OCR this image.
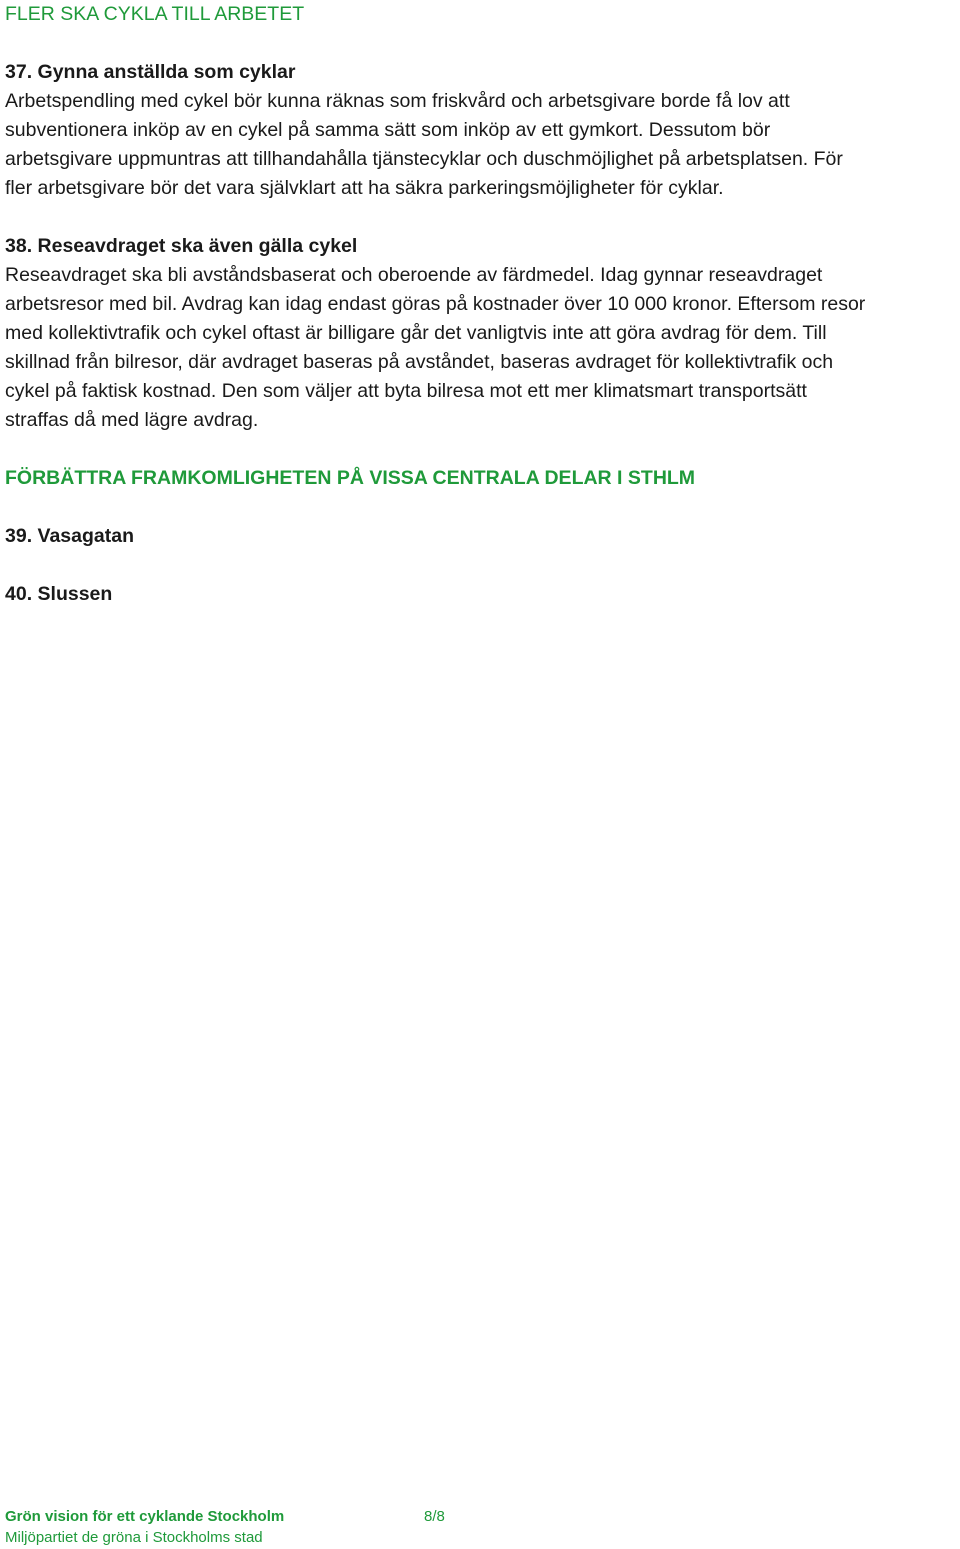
FLER SKA CYKLA TILL ARBETET
37. Gynna anställda som cyklar

Arbetspendling med cykel bör kunna räknas som friskvård och arbetsgivare borde få lov att

subventionera inköp av en cykel på samma sätt som inköp av ett gymkort. Dessutom bör

arbetsgivare uppmuntras att tillhandahålla tjänstecyklar och duschmöjlighet på arbetsplatsen. För

fler arbetsgivare bör det vara självklart att ha säkra parkeringsmöjligheter för cyklar.

38. Reseavdraget ska även gälla cykel

Reseavdraget ska bli avståndsbaserat och oberoende av färdmedel. Idag gynnar reseavdraget

arbetsresor med bil. Avdrag kan idag endast göras på kostnader över 10 000 kronor. Eftersom resor

med kollektivtrafik och cykel oftast är billigare går det vanligtvis inte att göra avdrag för dem. Till

skillnad från bilresor, där avdraget baseras på avståndet, baseras avdraget för kollektivtrafik och

cykel på faktisk kostnad. Den som väljer att byta bilresa mot ett mer klimatsmart transportsätt

straffas då med lägre avdrag.

FÖRBÄTTRA FRAMKOMLIGHETEN PÅ VISSA CENTRALA DELAR I STHLM
39. Vasagatan
40. Slussen
Grön vision för ett cyklande Stockholm	8/8
Miljöpartiet de gröna i Stockholms stad
